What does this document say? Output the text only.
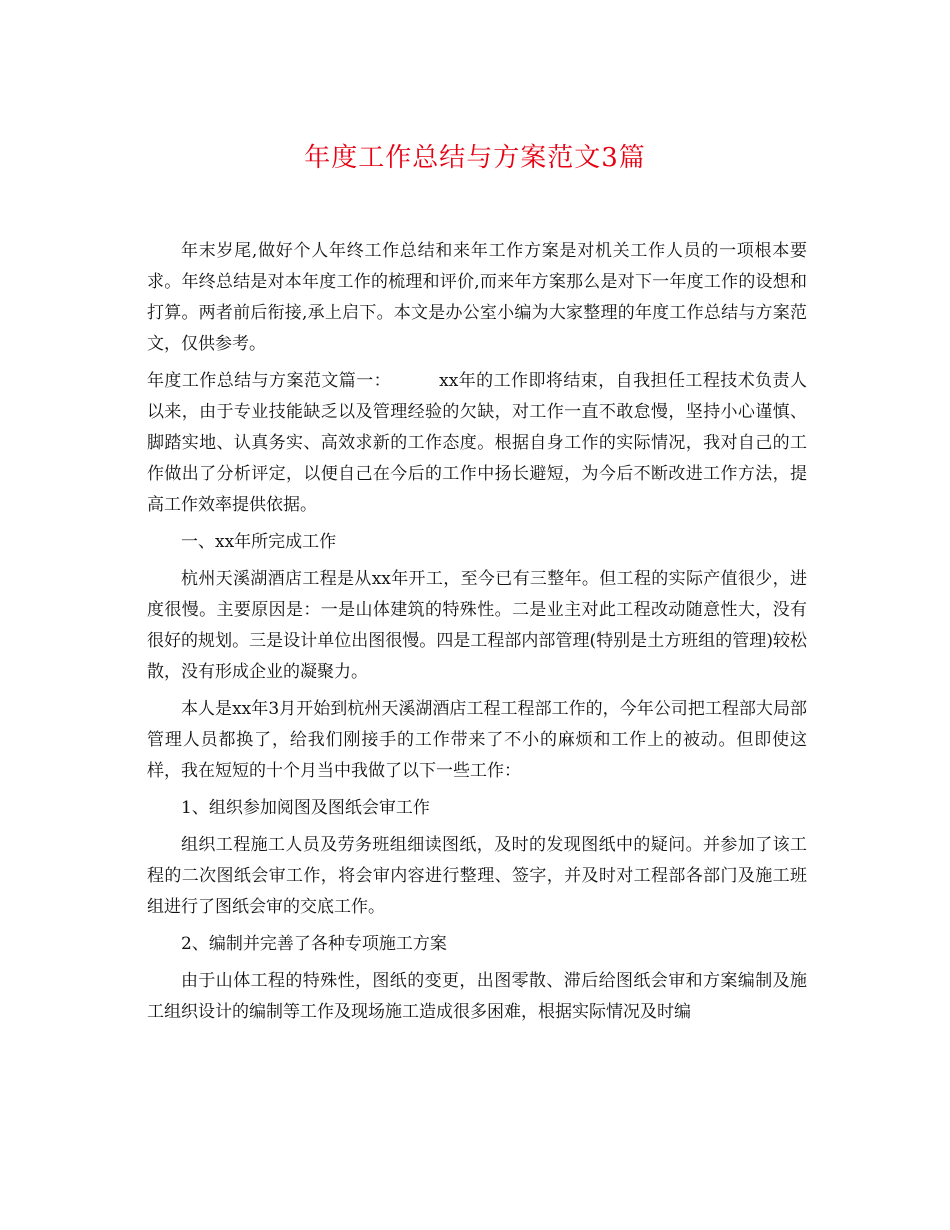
年度工作总结与方案范文3篇

年末岁尾,做好个人年终工作总结和来年工作方案是对机关工作人员的一项根本要求。年终总结是对本年度工作的梳理和评价,而来年方案那么是对下一年度工作的设想和打算。两者前后衔接,承上启下。本文是办公室小编为大家整理的年度工作总结与方案范文，仅供参考。

年度工作总结与方案范文篇一：	xx年的工作即将结束，自我担任工程技术负责人以来，由于专业技能缺乏以及管理经验的欠缺，对工作一直不敢怠慢，坚持小心谨慎、脚踏实地、认真务实、高效求新的工作态度。根据自身工作的实际情况，我对自己的工作做出了分析评定，以便自己在今后的工作中扬长避短，为今后不断改进工作方法，提高工作效率提供依据。

一、xx年所完成工作

杭州天溪湖酒店工程是从xx年开工，至今已有三整年。但工程的实际产值很少，进度很慢。主要原因是：一是山体建筑的特殊性。二是业主对此工程改动随意性大，没有很好的规划。三是设计单位出图很慢。四是工程部内部管理(特别是土方班组的管理)较松散，没有形成企业的凝聚力。

本人是xx年3月开始到杭州天溪湖酒店工程工程部工作的，今年公司把工程部大局部管理人员都换了，给我们刚接手的工作带来了不小的麻烦和工作上的被动。但即使这样，我在短短的十个月当中我做了以下一些工作：

1、组织参加阅图及图纸会审工作

组织工程施工人员及劳务班组细读图纸，及时的发现图纸中的疑问。并参加了该工程的二次图纸会审工作，将会审内容进行整理、签字，并及时对工程部各部门及施工班组进行了图纸会审的交底工作。

2、编制并完善了各种专项施工方案

由于山体工程的特殊性，图纸的变更，出图零散、滞后给图纸会审和方案编制及施工组织设计的编制等工作及现场施工造成很多困难，根据实际情况及时编
